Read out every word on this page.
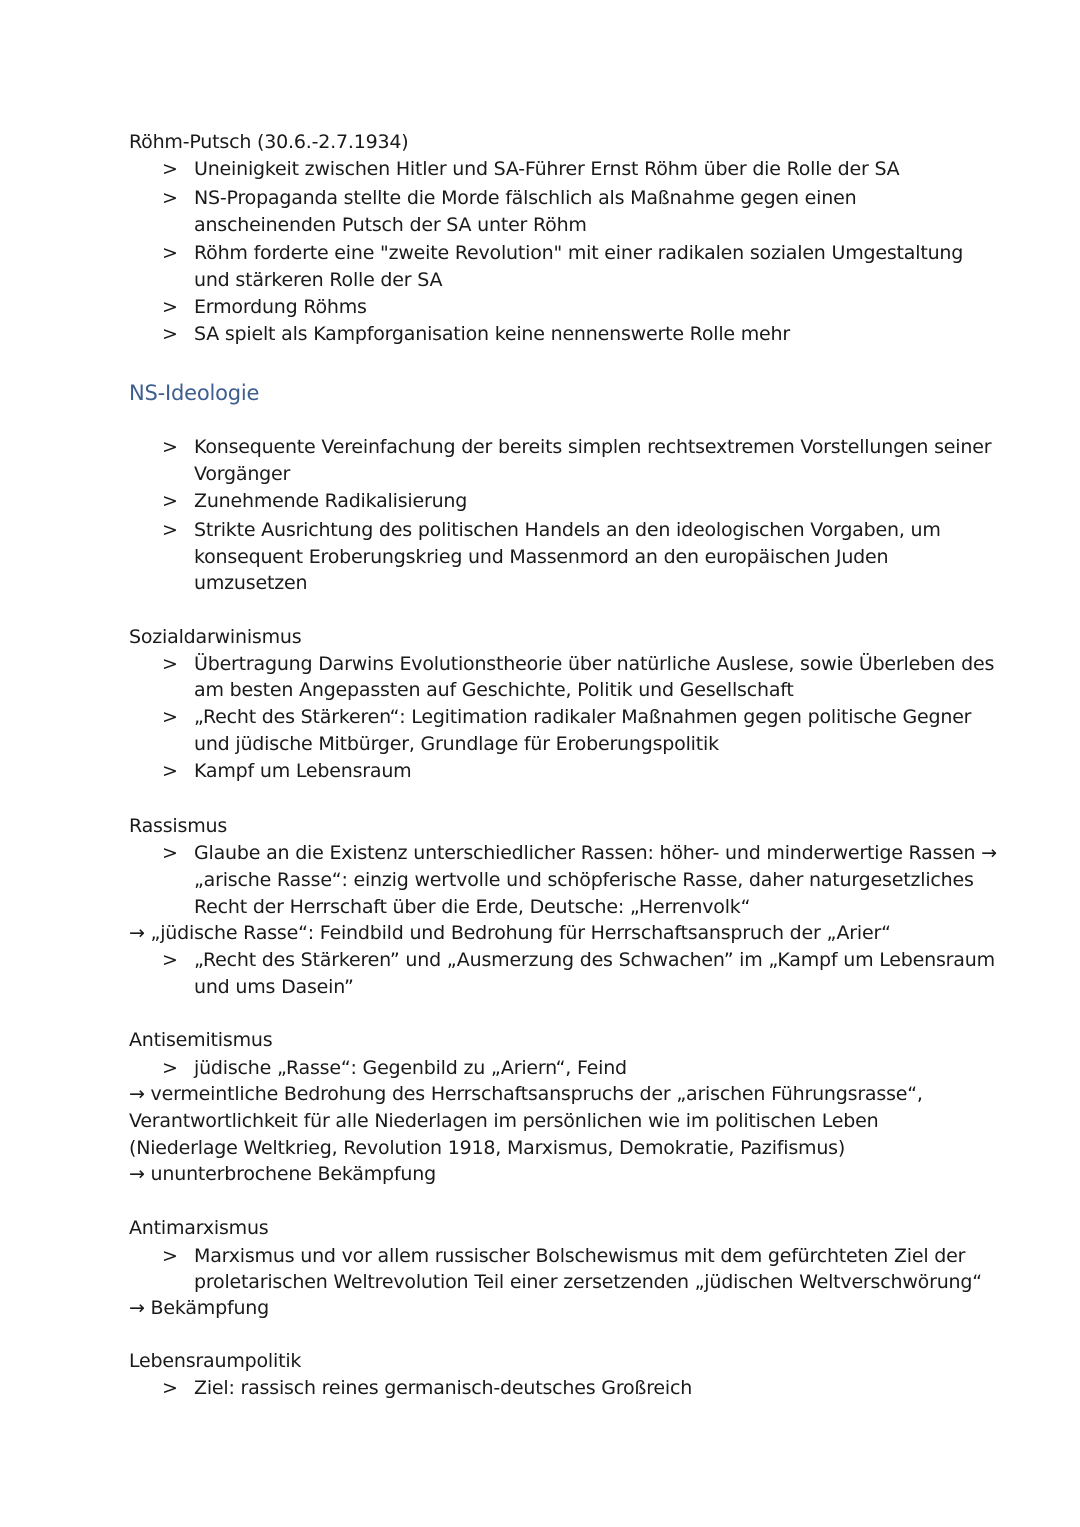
Röhm-Putsch (30.6.-2.7.1934)
> Uneinigkeit zwischen Hitler und SA-Führer Ernst Röhm über die Rolle der SA
> NS-Propaganda stellte die Morde fälschlich als Maßnahme gegen einen
anscheinenden Putsch der SA unter Röhm
> Röhm forderte eine "zweite Revolution" mit einer radikalen sozialen Umgestaltung
und stärkeren Rolle der SA
> Ermordung Röhms
> SA spielt als Kampforganisation keine nennenswerte Rolle mehr
NS-Ideologie
> Konsequente Vereinfachung der bereits simplen rechtsextremen Vorstellungen seiner
Vorgänger
> Zunehmende Radikalisierung
> Strikte Ausrichtung des politischen Handels an den ideologischen Vorgaben, um
konsequent Eroberungskrieg und Massenmord an den europäischen Juden
umzusetzen
Sozialdarwinismus
> Übertragung Darwins Evolutionstheorie über natürliche Auslese, sowie Überleben des
am besten Angepassten auf Geschichte, Politik und Gesellschaft
> „Recht des Stärkeren“: Legitimation radikaler Maßnahmen gegen politische Gegner
und jüdische Mitbürger, Grundlage für Eroberungspolitik
> Kampf um Lebensraum
Rassismus
> Glaube an die Existenz unterschiedlicher Rassen: höher- und minderwertige Rassen →
„arische Rasse“: einzig wertvolle und schöpferische Rasse, daher naturgesetzliches
Recht der Herrschaft über die Erde, Deutsche: „Herrenvolk“
→ „jüdische Rasse“: Feindbild und Bedrohung für Herrschaftsanspruch der „Arier“
> „Recht des Stärkeren” und „Ausmerzung des Schwachen” im „Kampf um Lebensraum
und ums Dasein”
Antisemitismus
> jüdische „Rasse“: Gegenbild zu „Ariern“, Feind
→ vermeintliche Bedrohung des Herrschaftsanspruchs der „arischen Führungsrasse“,
Verantwortlichkeit für alle Niederlagen im persönlichen wie im politischen Leben
(Niederlage Weltkrieg, Revolution 1918, Marxismus, Demokratie, Pazifismus)
→ ununterbrochene Bekämpfung
Antimarxismus
> Marxismus und vor allem russischer Bolschewismus mit dem gefürchteten Ziel der
proletarischen Weltrevolution Teil einer zersetzenden „jüdischen Weltverschwörung“
→ Bekämpfung
Lebensraumpolitik
> Ziel: rassisch reines germanisch-deutsches Großreich
